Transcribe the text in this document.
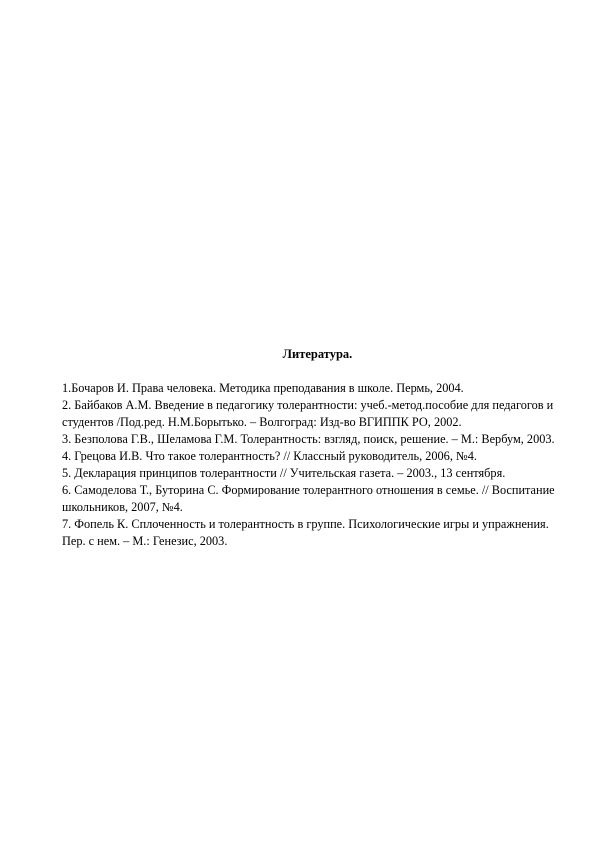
Литература.

1.Бочаров И. Права человека. Методика преподавания в школе. Пермь, 2004.

2. Байбаков А.М. Введение в педагогику толерантности: учеб.-метод.пособие для педагогов и студентов /Под.ред. Н.М.Борытько. – Волгоград: Изд-во ВГИППК РО, 2002.

3. Безполова Г.В., Шеламова Г.М. Толерантность: взгляд, поиск, решение. – М.: Вербум, 2003.

4. Грецова И.В. Что такое толерантность? // Классный руководитель, 2006, №4.

5. Декларация принципов толерантности // Учительская газета. – 2003., 13 сентября.

6. Самоделова Т., Буторина С. Формирование толерантного отношения в семье. // Воспитание школьников, 2007, №4.

7. Фопель К. Сплоченность и толерантность в группе. Психологические игры и упражнения. Пер. с нем. – М.: Генезис, 2003.
